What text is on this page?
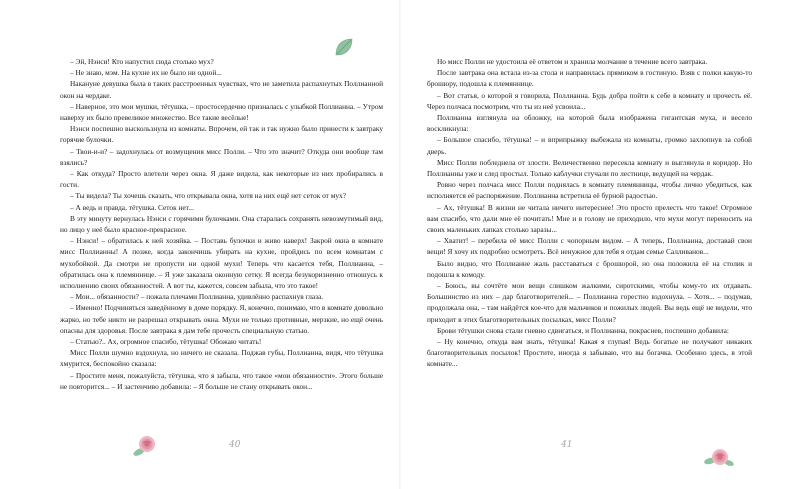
– Эй, Нэнси! Кто напустил сюда столько мух?

– Не знаю, мэм. На кухне их не было ни одной...

Накануне девушка была в таких расстроенных чувствах, что не заметила распахнутых Поллианной окон на чердаке.

– Наверное, это мои мушки, тётушка, – простосердечно призналась с улыбкой Поллианна. – Утром наверху их было превеликое множество. Все такие весёлые!

Нэнси поспешно выскользнула из комнаты. Впрочем, ей так и так нужно было принести к завтраку горячие булочки.

– Твои-и-и? – задохнулась от возмущения мисс Полли. – Что это значит? Откуда они вообще там взялись?

– Как откуда? Просто влетели через окна. Я даже видела, как некоторые из них пробирались в гости.

– Ты видела? Ты хочешь сказать, что открывала окна, хотя на них ещё нет сеток от мух?

– А ведь и правда, тётушка. Сеток нет...

В эту минуту вернулась Нэнси с горячими булочками. Она старалась сохранять невозмутимый вид, но лицо у неё было красное-прекрасное.

– Нэнси! – обратилась к ней хозяйка. – Поставь булочки и живо наверх! Закрой окна в комнате мисс Поллианны! А позже, когда закончишь убирать на кухне, пройдись по всем комнатам с мухобойкой. Да смотри не пропусти ни одной мухи! Теперь что касается тебя, Поллианна, – обратилась она к племяннице. – Я уже заказала оконную сетку. Я всегда безукоризненно отношусь к исполнению своих обязанностей. А вот ты, кажется, совсем забыла, что это такое!

– Мои... обязанности? – пожала плечами Поллианна, удивлённо распахнув глаза.

– Именно! Подчиняться заведённому в доме порядку. Я, конечно, понимаю, что в комнате довольно жарко, но тебе никто не разрешал открывать окна. Мухи не только противные, мерзкие, но ещё очень опасны для здоровья. После завтрака я дам тебе прочесть специальную статью.

– Статью?.. Ах, огромное спасибо, тётушка! Обожаю читать!

Мисс Полли шумно вздохнула, но ничего не сказала. Поджав губы, Поллианна, видя, что тётушка хмурится, беспокойно сказала:

– Простите меня, пожалуйста, тётушка, что я забыла, что такое «мои обязанности». Этого больше не повторится... – И застенчиво добавила: – Я больше не стану открывать окон...

Но мисс Полли не удостоила её ответом и хранила молчание в течение всего завтрака.

После завтрака она встала из-за стола и направилась прямиком в гостиную. Взяв с полки какую-то брошюру, подошла к племяннице.

– Вот статья, о которой я говорила, Поллианна. Будь добра пойти к себе в комнату и прочесть её. Через полчаса посмотрим, что ты из неё усвоила...

Поллианна взглянула на обложку, на которой была изображена гигантская муха, и весело воскликнула:

– Большое спасибо, тётушка! – и вприпрыжку выбежала из комнаты, громко захлопнув за собой дверь.

Мисс Полли побледнела от злости. Величественно пересекла комнату и выглянула в коридор. Но Поллианны уже и след простыл. Только каблучки стучали по лестнице, ведущей на чердак.

Ровно через полчаса мисс Полли поднялась в комнату племянницы, чтобы лично убедиться, как исполняется её распоряжение. Поллианна встретила её бурной радостью.

– Ах, тётушка! В жизни не читала ничего интереснее! Это просто прелесть что такое! Огромное вам спасибо, что дали мне её почитать! Мне и в голову не приходило, что мухи могут переносить на своих маленьких лапках столько заразы...

– Хватит! – перебила её мисс Полли с чопорным видом. – А теперь, Поллианна, доставай свои вещи! Я хочу их подробно осмотреть. Всё ненужное для тебя я отдам семье Салливанов...

Было видно, что Поллианне жаль расставаться с брошюрой, но она положила её на столик и подошла к комоду.

– Боюсь, вы сочтёте мои вещи слишком жалкими, сиротскими, чтобы кому-то их отдавать. Большинство из них – дар благотворителей... – Поллианна горестно вздохнула. – Хотя... – подумав, продолжала она, – там найдётся кое-что для мальчиков и пожилых людей. Вы ведь ещё не видели, что приходит в этих благотворительных посылках, мисс Полли?

Брови тётушки снова стали гневно сдвигаться, и Поллианна, покраснев, поспешно добавила:

– Ну конечно, откуда вам знать, тётушка! Какая я глупая! Ведь богатые не получают никаких благотворительных посылок! Простите, иногда я забываю, что вы богачка. Особенно здесь, в этой комнате...

40	41
